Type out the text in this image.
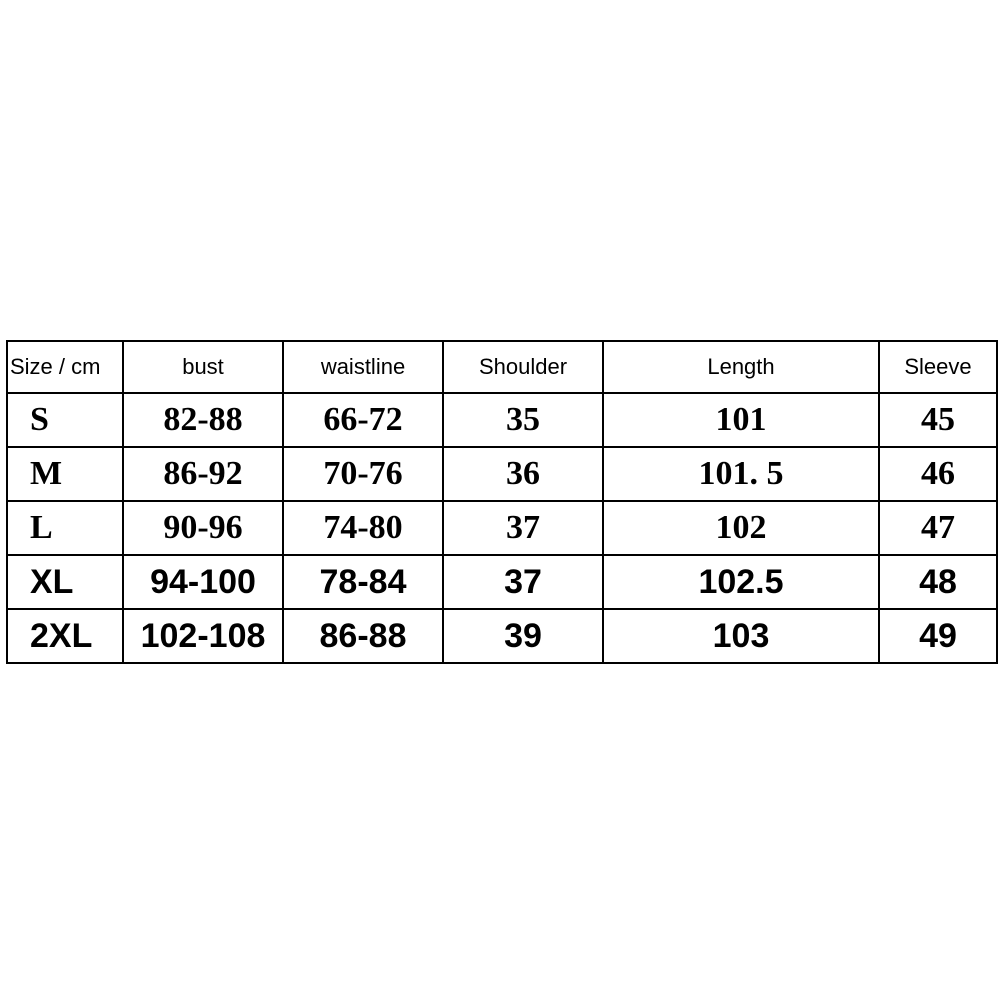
Size / cm	bust	waistline	Shoulder	Length	Sleeve
S	82-88	66-72	35	101	45
M	86-92	70-76	36	101. 5	46
L	90-96	74-80	37	102	47
XL	94-100	78-84	37	102.5	48
2XL	102-108	86-88	39	103	49
